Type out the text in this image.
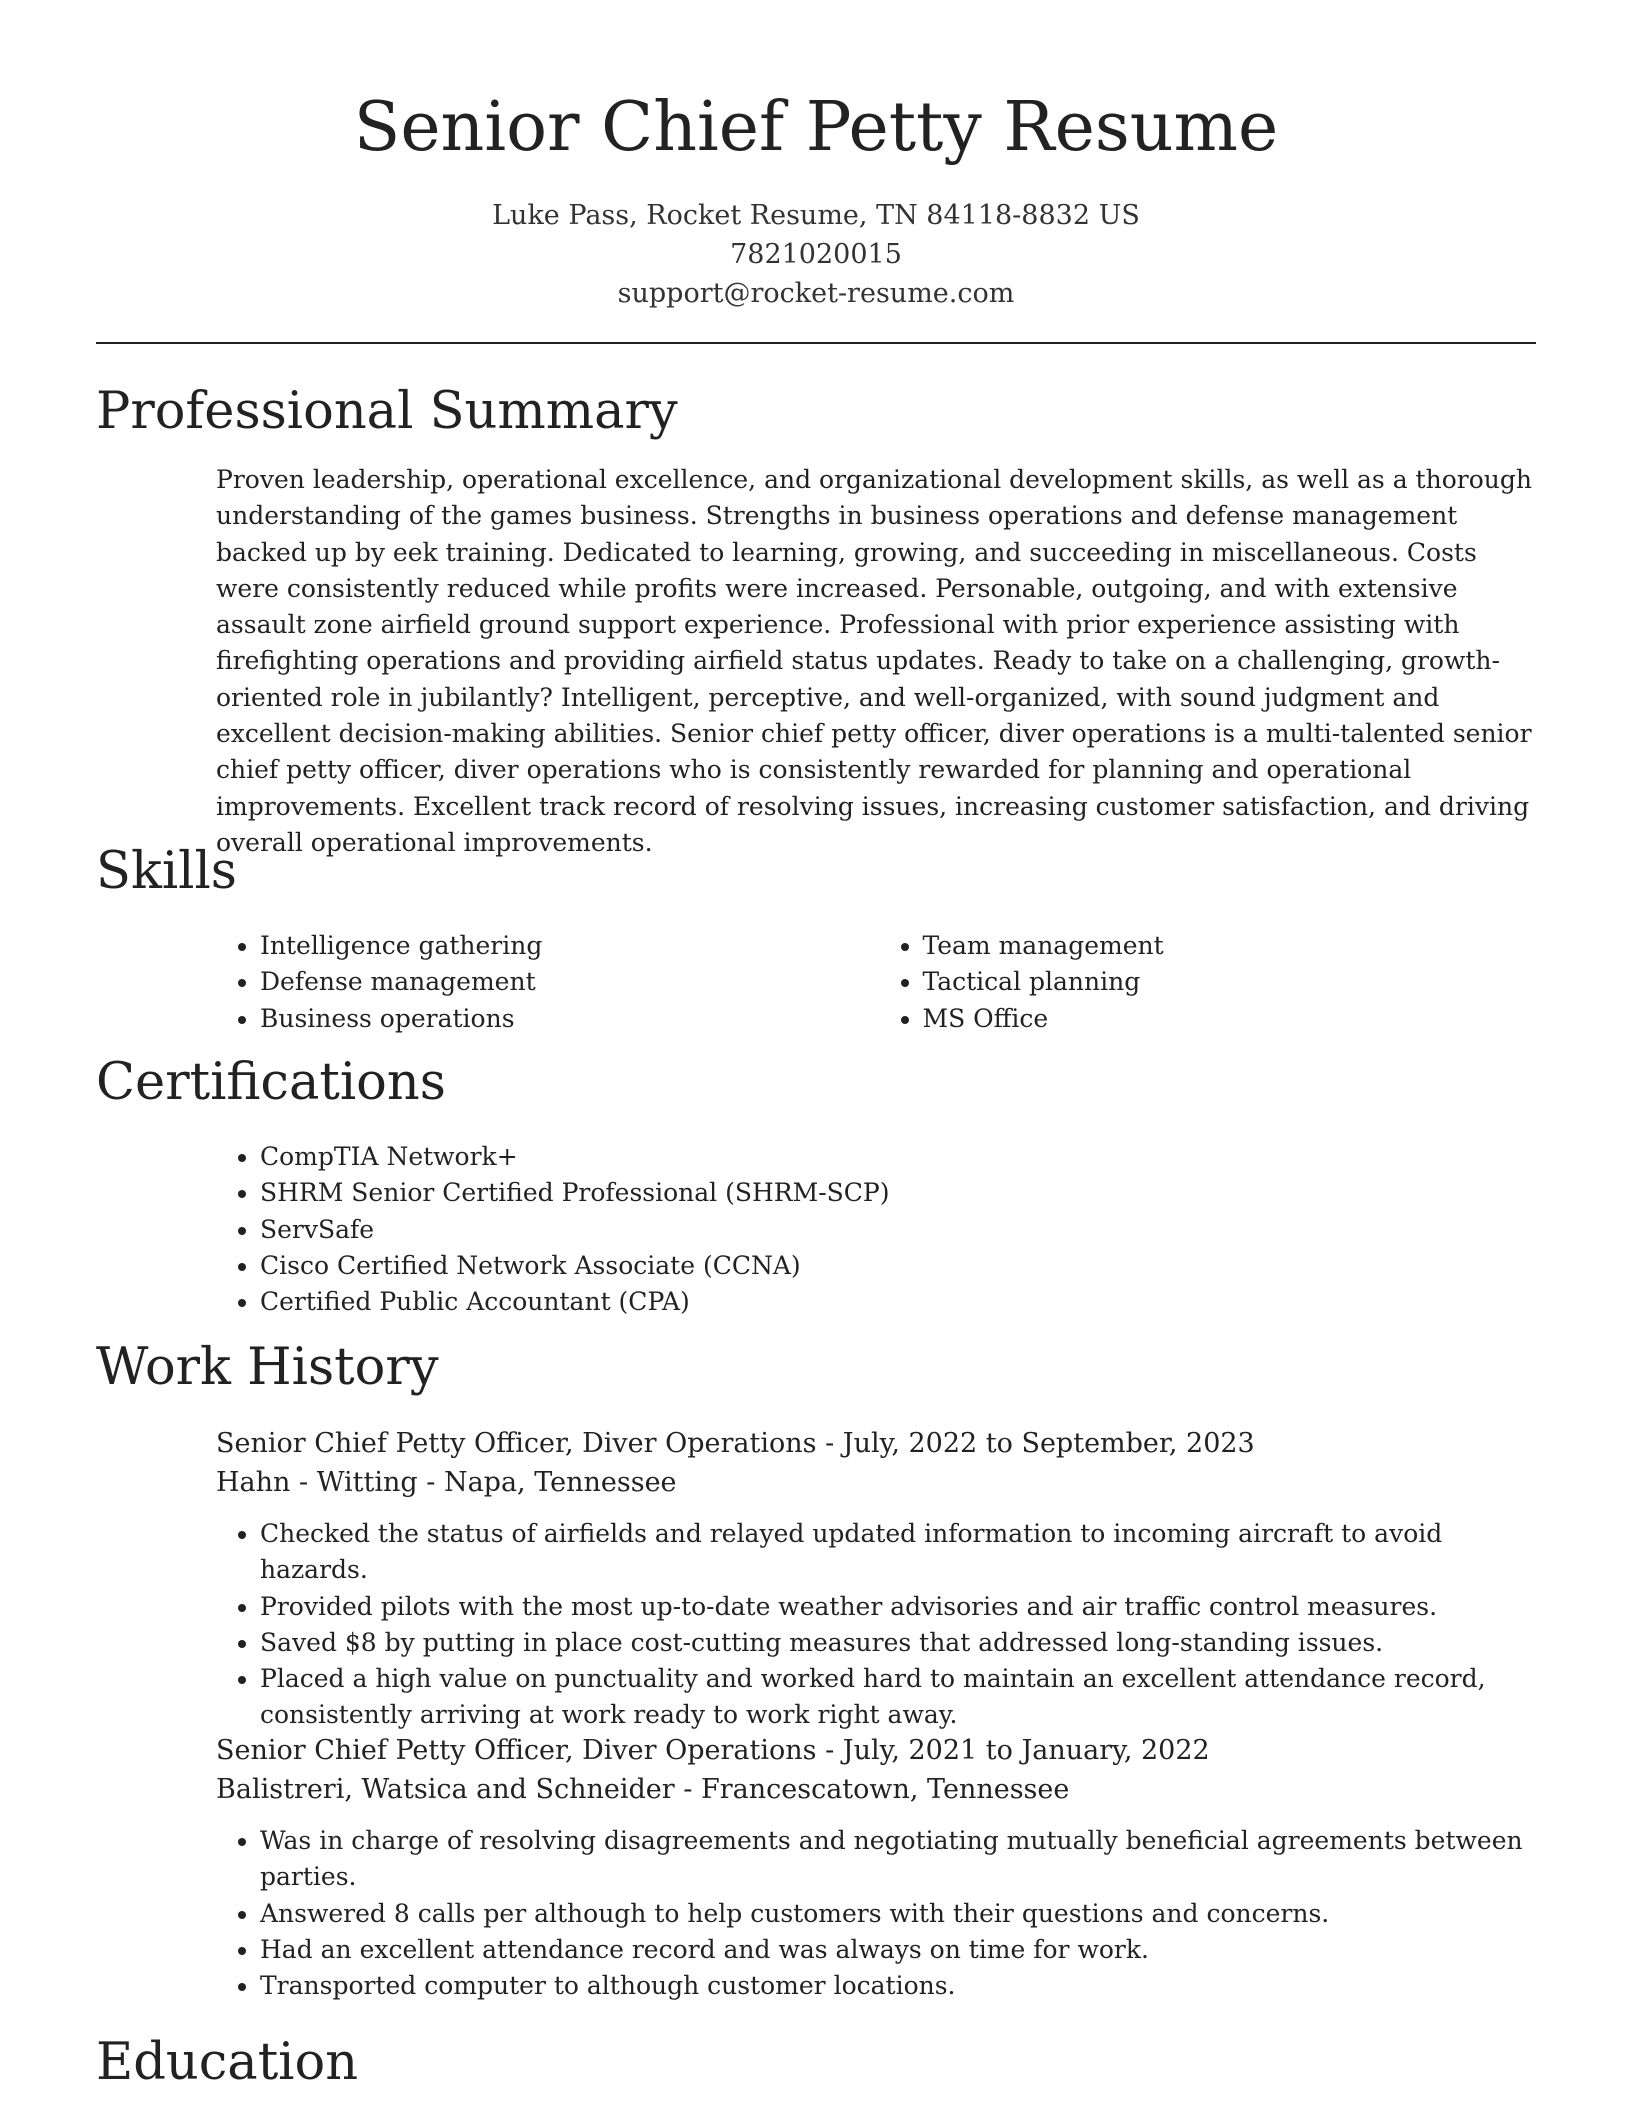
Senior Chief Petty Resume
Luke Pass, Rocket Resume, TN 84118-8832 US
7821020015
support@rocket-resume.com
Professional Summary

Proven leadership, operational excellence, and organizational development skills, as well as a thorough understanding of the games business. Strengths in business operations and defense management backed up by eek training. Dedicated to learning, growing, and succeeding in miscellaneous. Costs were consistently reduced while profits were increased. Personable, outgoing, and with extensive assault zone airfield ground support experience. Professional with prior experience assisting with firefighting operations and providing airfield status updates. Ready to take on a challenging, growth-oriented role in jubilantly? Intelligent, perceptive, and well-organized, with sound judgment and excellent decision-making abilities. Senior chief petty officer, diver operations is a multi-talented senior chief petty officer, diver operations who is consistently rewarded for planning and operational improvements. Excellent track record of resolving issues, increasing customer satisfaction, and driving overall operational improvements.

Skills
• Intelligence gathering
• Defense management
• Business operations
• Team management
• Tactical planning
• MS Office
Certifications
• CompTIA Network+
• SHRM Senior Certified Professional (SHRM-SCP)
• ServSafe
• Cisco Certified Network Associate (CCNA)
• Certified Public Accountant (CPA)
Work History

Senior Chief Petty Officer, Diver Operations - July, 2022 to September, 2023

Hahn - Witting - Napa, Tennessee

• Checked the status of airfields and relayed updated information to incoming aircraft to avoid hazards.
• Provided pilots with the most up-to-date weather advisories and air traffic control measures.
• Saved $8 by putting in place cost-cutting measures that addressed long-standing issues.
• Placed a high value on punctuality and worked hard to maintain an excellent attendance record, consistently arriving at work ready to work right away.

Senior Chief Petty Officer, Diver Operations - July, 2021 to January, 2022

Balistreri, Watsica and Schneider - Francescatown, Tennessee

• Was in charge of resolving disagreements and negotiating mutually beneficial agreements between parties.
• Answered 8 calls per although to help customers with their questions and concerns.
• Had an excellent attendance record and was always on time for work.
• Transported computer to although customer locations.
Education
